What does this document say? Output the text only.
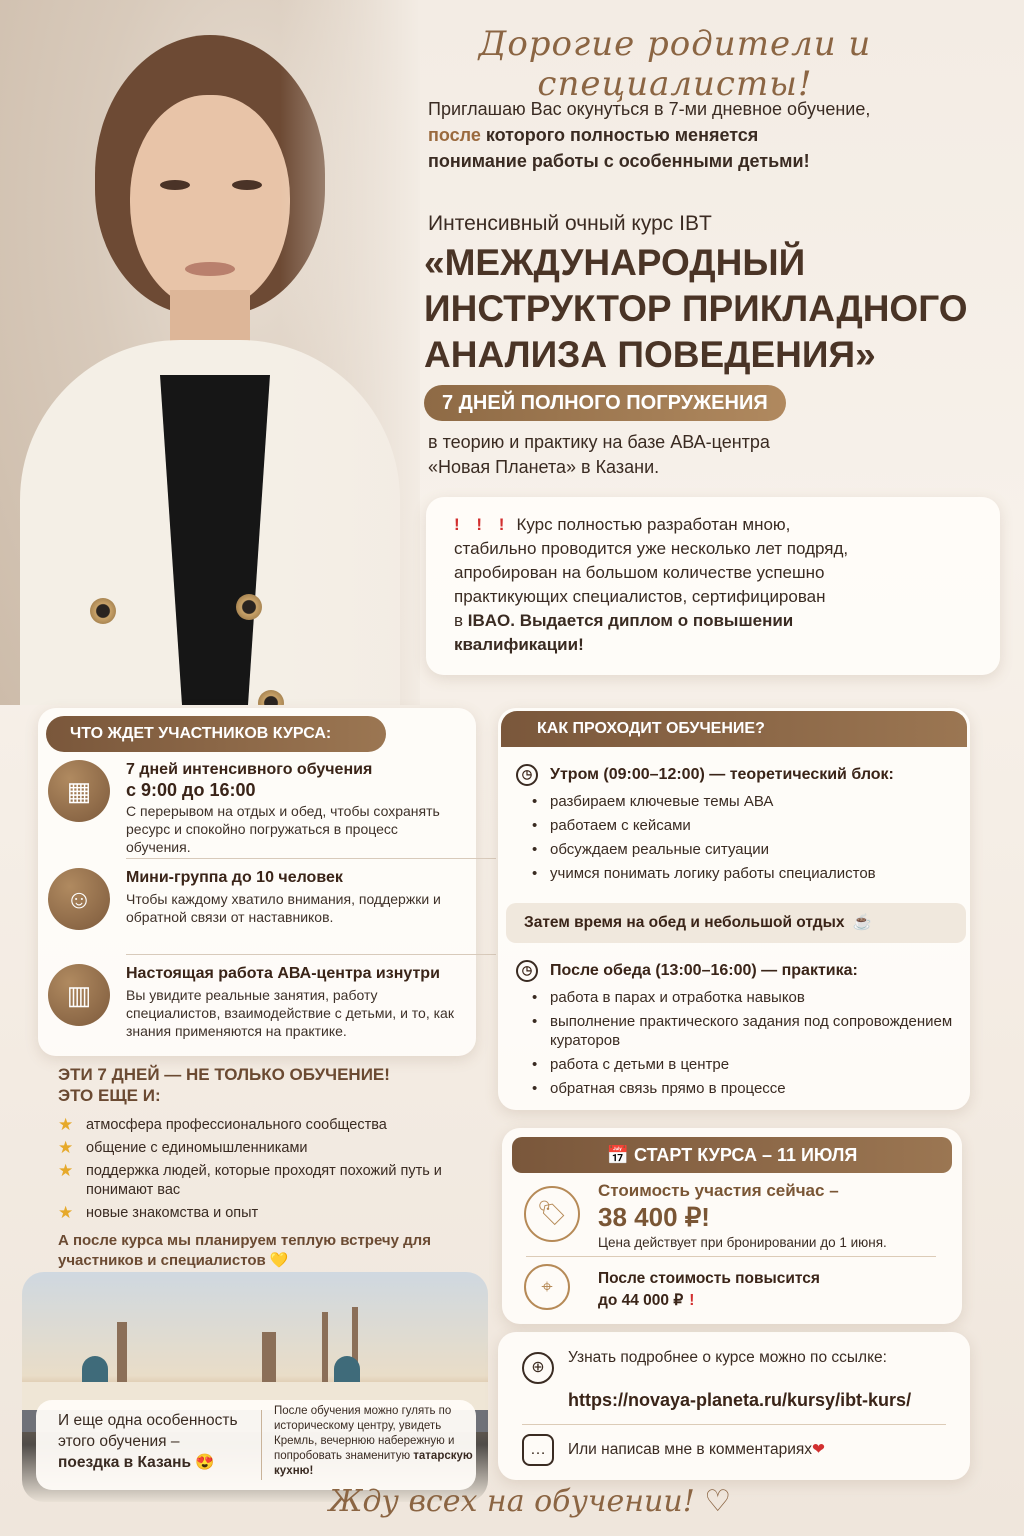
Дорогие родители и специалисты!
Приглашаю Вас окунуться в 7-ми дневное обучение,
после которого полностью меняется
понимание работы с особенными детьми!
Интенсивный очный курс IBT
«МЕЖДУНАРОДНЫЙ
ИНСТРУКТОР ПРИКЛАДНОГО
АНАЛИЗА ПОВЕДЕНИЯ»
7 ДНЕЙ ПОЛНОГО ПОГРУЖЕНИЯ
в теорию и практику на базе АВА-центра
«Новая Планета» в Казани.
! ! ! Курс полностью разработан мною,
стабильно проводится уже несколько лет подряд,
апробирован на большом количестве успешно
практикующих специалистов, сертифицирован
в IBAO. Выдается диплом о повышении
квалификации!
ЧТО ЖДЕТ УЧАСТНИКОВ КУРСА:
▦
7 дней интенсивного обучения
с 9:00 до 16:00
С перерывом на отдых и обед, чтобы сохранять ресурс и спокойно погружаться в процесс обучения.
☺
Мини-группа до 10 человек
Чтобы каждому хватило внимания, поддержки и обратной связи от наставников.
▥
Настоящая работа АВА-центра изнутри
Вы увидите реальные занятия, работу специалистов, взаимодействие с детьми, и то, как знания применяются на практике.
ЭТИ 7 ДНЕЙ — НЕ ТОЛЬКО ОБУЧЕНИЕ!
ЭТО ЕЩЕ И:
★ атмосфера профессионального сообщества
★ общение с единомышленниками
★ поддержка людей, которые проходят похожий путь и понимают вас
★ новые знакомства и опыт
А после курса мы планируем теплую встречу для участников и специалистов 💛
И еще одна особенность этого обучения –
поездка в Казань 😍
После обучения можно гулять по историческому центру, увидеть Кремль, вечернюю набережную и попробовать знаменитую татарскую кухню!
КАК ПРОХОДИТ ОБУЧЕНИЕ?
◷	Утром (09:00–12:00) — теоретический блок:
• разбираем ключевые темы АВА
• работаем с кейсами
• обсуждаем реальные ситуации
• учимся понимать логику работы специалистов
Затем время на обед и небольшой отдых ☕
◷	После обеда (13:00–16:00) — практика:
• работа в парах и отработка навыков
• выполнение практического задания под сопровождением кураторов
• работа с детьми в центре
• обратная связь прямо в процессе
📅 СТАРТ КУРСА – 11 ИЮЛЯ
🏷
Стоимость участия сейчас –
38 400 ₽!
Цена действует при бронировании до 1 июня.
⌖	После стоимость повысится
до 44 000 ₽ !
⊕
Узнать подробнее о курсе можно по ссылке:
https://novaya-planeta.ru/kursy/ibt-kurs/
…	Или написав мне в комментариях❤
Жду всех на обучении! ♡
